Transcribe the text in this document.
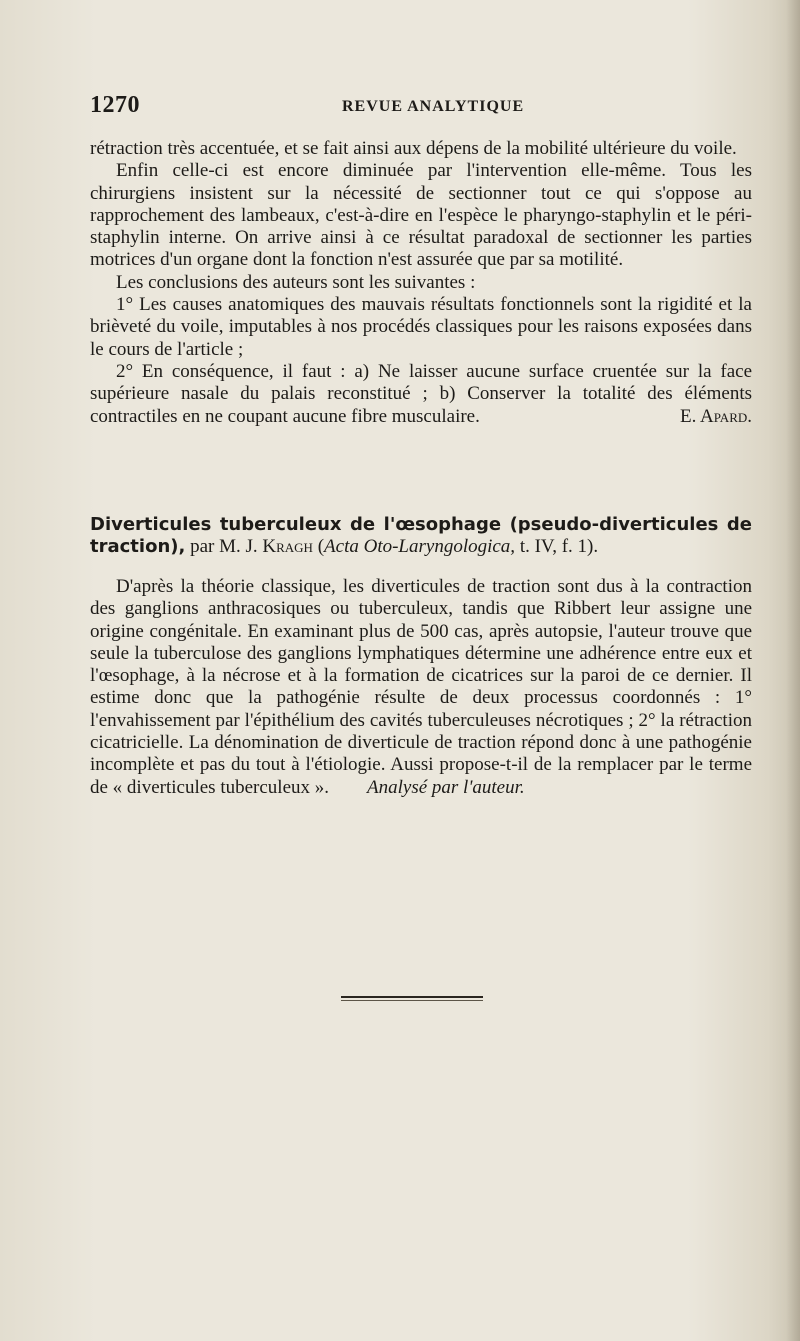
1270	REVUE ANALYTIQUE

rétraction très accentuée, et se fait ainsi aux dépens de la mobilité ultérieure du voile.

Enfin celle-ci est encore diminuée par l'intervention elle-même. Tous les chirurgiens insistent sur la nécessité de sectionner tout ce qui s'oppose au rapprochement des lambeaux, c'est-à-dire en l'espèce le pharyngo-staphylin et le péri-staphylin interne. On arrive ainsi à ce résultat paradoxal de sectionner les parties motrices d'un organe dont la fonction n'est assurée que par sa motilité.

Les conclusions des auteurs sont les suivantes :

1° Les causes anatomiques des mauvais résultats fonctionnels sont la rigidité et la brièveté du voile, imputables à nos procédés classiques pour les raisons exposées dans le cours de l'article ;

2° En conséquence, il faut : a) Ne laisser aucune surface cruentée sur la face supérieure nasale du palais reconstitué ; b) Conserver la totalité des éléments contractiles en ne coupant aucune fibre musculaire.	E. Apard.

Diverticules tuberculeux de l'œsophage (pseudo-diverticules de traction), par M. J. Kragh (Acta Oto-Laryngologica, t. IV, f. 1).

D'après la théorie classique, les diverticules de traction sont dus à la contraction des ganglions anthracosiques ou tuberculeux, tandis que Ribbert leur assigne une origine congénitale. En examinant plus de 500 cas, après autopsie, l'auteur trouve que seule la tuberculose des ganglions lymphatiques détermine une adhérence entre eux et l'œsophage, à la nécrose et à la formation de cicatrices sur la paroi de ce dernier. Il estime donc que la pathogénie résulte de deux processus coordonnés : 1° l'envahissement par l'épithélium des cavités tuberculeuses nécrotiques ; 2° la rétraction cicatricielle. La dénomination de diverticule de traction répond donc à une pathogénie incomplète et pas du tout à l'étiologie. Aussi propose-t-il de la remplacer par le terme de « diverticules tuberculeux ». Analysé par l'auteur.
